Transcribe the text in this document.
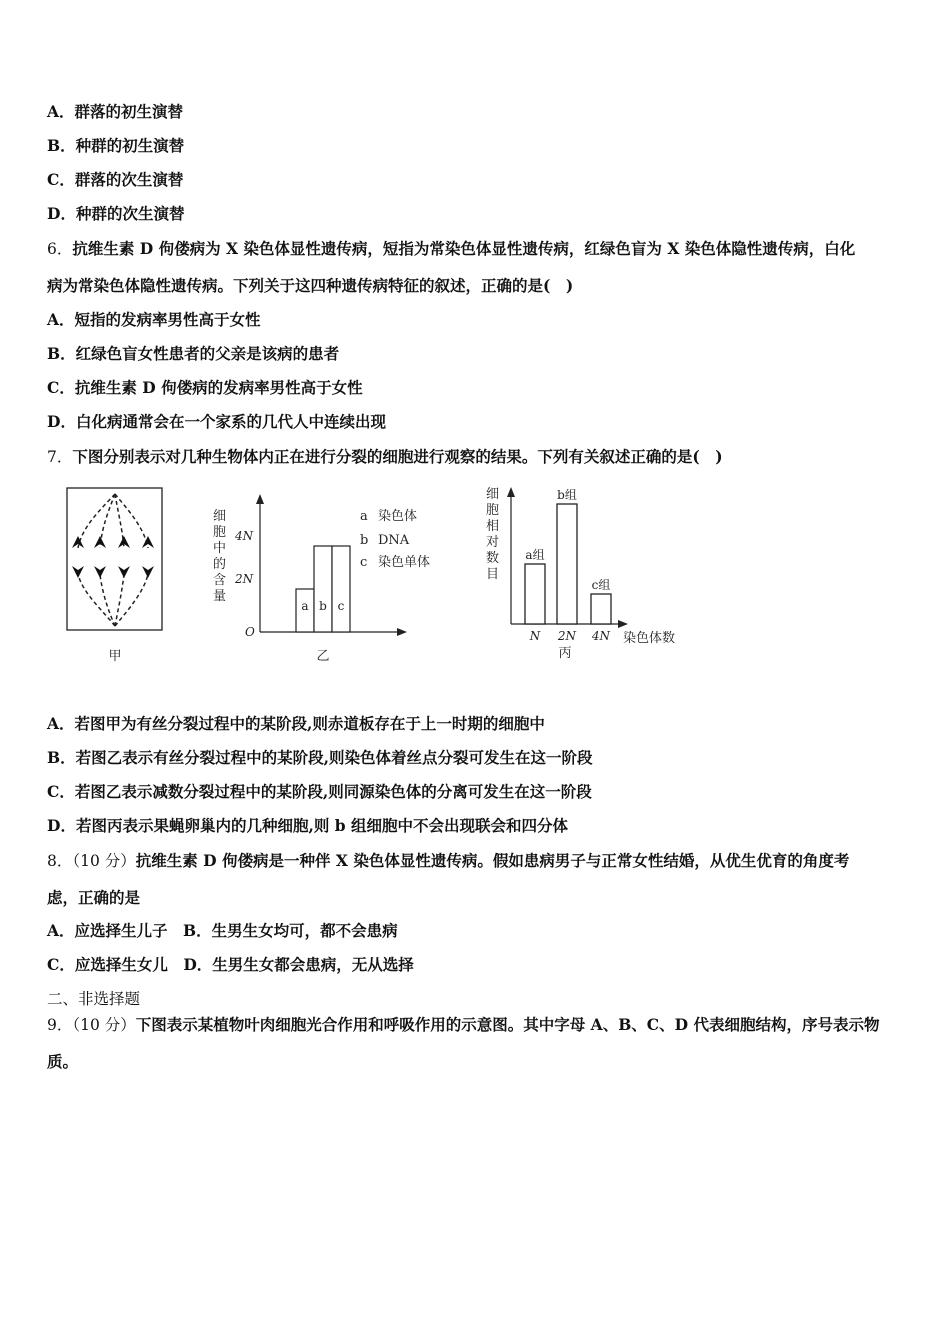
A．群落的初生演替
B．种群的初生演替
C．群落的次生演替
D．种群的次生演替
6．抗维生素 D 佝偻病为 X 染色体显性遗传病，短指为常染色体显性遗传病，红绿色盲为 X 染色体隐性遗传病，白化
病为常染色体隐性遗传病。下列关于这四种遗传病特征的叙述，正确的是(　)
A．短指的发病率男性高于女性
B．红绿色盲女性患者的父亲是该病的患者
C．抗维生素 D 佝偻病的发病率男性高于女性
D．白化病通常会在一个家系的几代人中连续出现
7．下图分别表示对几种生物体内正在进行分裂的细胞进行观察的结果。下列有关叙述正确的是(　)
甲
细 胞 中 的 含 量
4N
2N
O
a b c
a 染色体 b DNA c 染色单体
乙
细 胞 相 对 数 目
a组
N
b组
2N
c组
4N 染色体数
丙
A．若图甲为有丝分裂过程中的某阶段,则赤道板存在于上一时期的细胞中
B．若图乙表示有丝分裂过程中的某阶段,则染色体着丝点分裂可发生在这一阶段
C．若图乙表示减数分裂过程中的某阶段,则同源染色体的分离可发生在这一阶段
D．若图丙表示果蝇卵巢内的几种细胞,则 b 组细胞中不会出现联会和四分体
8．（10 分）抗维生素 D 佝偻病是一种伴 X 染色体显性遗传病。假如患病男子与正常女性结婚，从优生优育的角度考
虑，正确的是
A．应选择生儿子　B．生男生女均可，都不会患病
C．应选择生女儿　D．生男生女都会患病，无从选择
二、非选择题
9．（10 分）下图表示某植物叶肉细胞光合作用和呼吸作用的示意图。其中字母 A、B、C、D 代表细胞结构，序号表示物
质。
